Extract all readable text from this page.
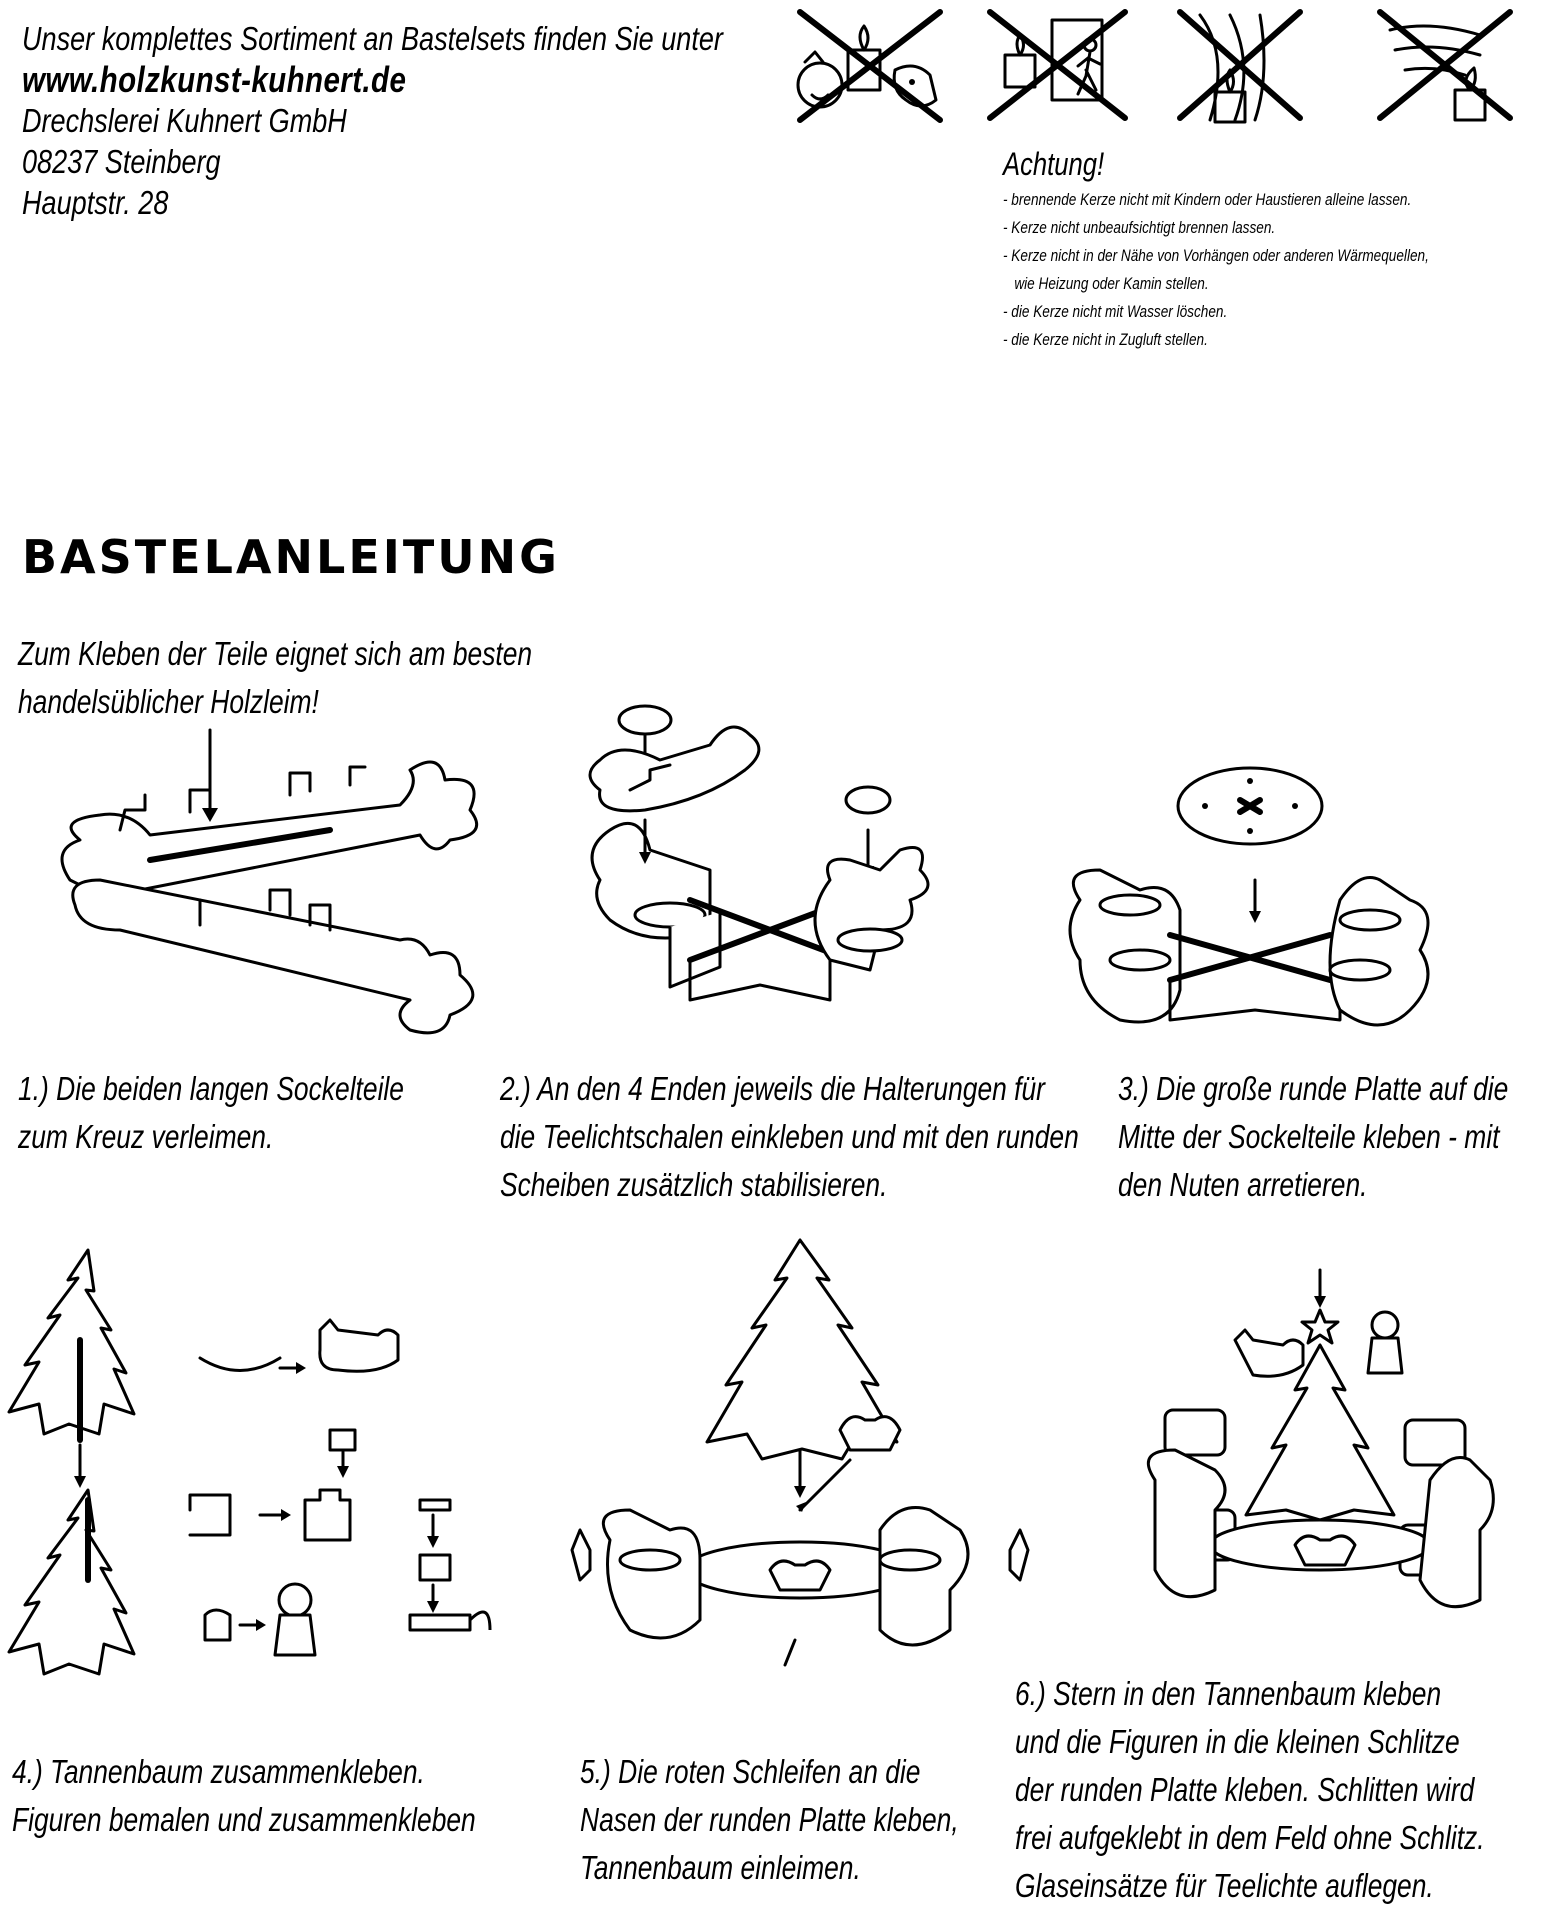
Unser komplettes Sortiment an Bastelsets finden Sie unter
www.holzkunst-kuhnert.de
Drechslerei Kuhnert GmbH
08237 Steinberg
Hauptstr. 28
Achtung!
- brennende Kerze nicht mit Kindern oder Haustieren alleine lassen.
- Kerze nicht unbeaufsichtigt brennen lassen.
- Kerze nicht in der Nähe von Vorhängen oder anderen Wärmequellen,
wie Heizung oder Kamin stellen.
- die Kerze nicht mit Wasser löschen.
- die Kerze nicht in Zugluft stellen.
BASTELANLEITUNG
Zum Kleben der Teile eignet sich am besten
handelsüblicher Holzleim!
1.) Die beiden langen Sockelteile
zum Kreuz verleimen.
2.) An den 4 Enden jeweils die Halterungen für
die Teelichtschalen einkleben und mit den runden
Scheiben zusätzlich stabilisieren.
3.) Die große runde Platte auf die
Mitte der Sockelteile kleben - mit
den Nuten arretieren.
4.) Tannenbaum zusammenkleben.
Figuren bemalen und zusammenkleben
5.) Die roten Schleifen an die
Nasen der runden Platte kleben,
Tannenbaum einleimen.
6.) Stern in den Tannenbaum kleben
und die Figuren in die kleinen Schlitze
der runden Platte kleben. Schlitten wird
frei aufgeklebt in dem Feld ohne Schlitz.
Glaseinsätze für Teelichte auflegen.
